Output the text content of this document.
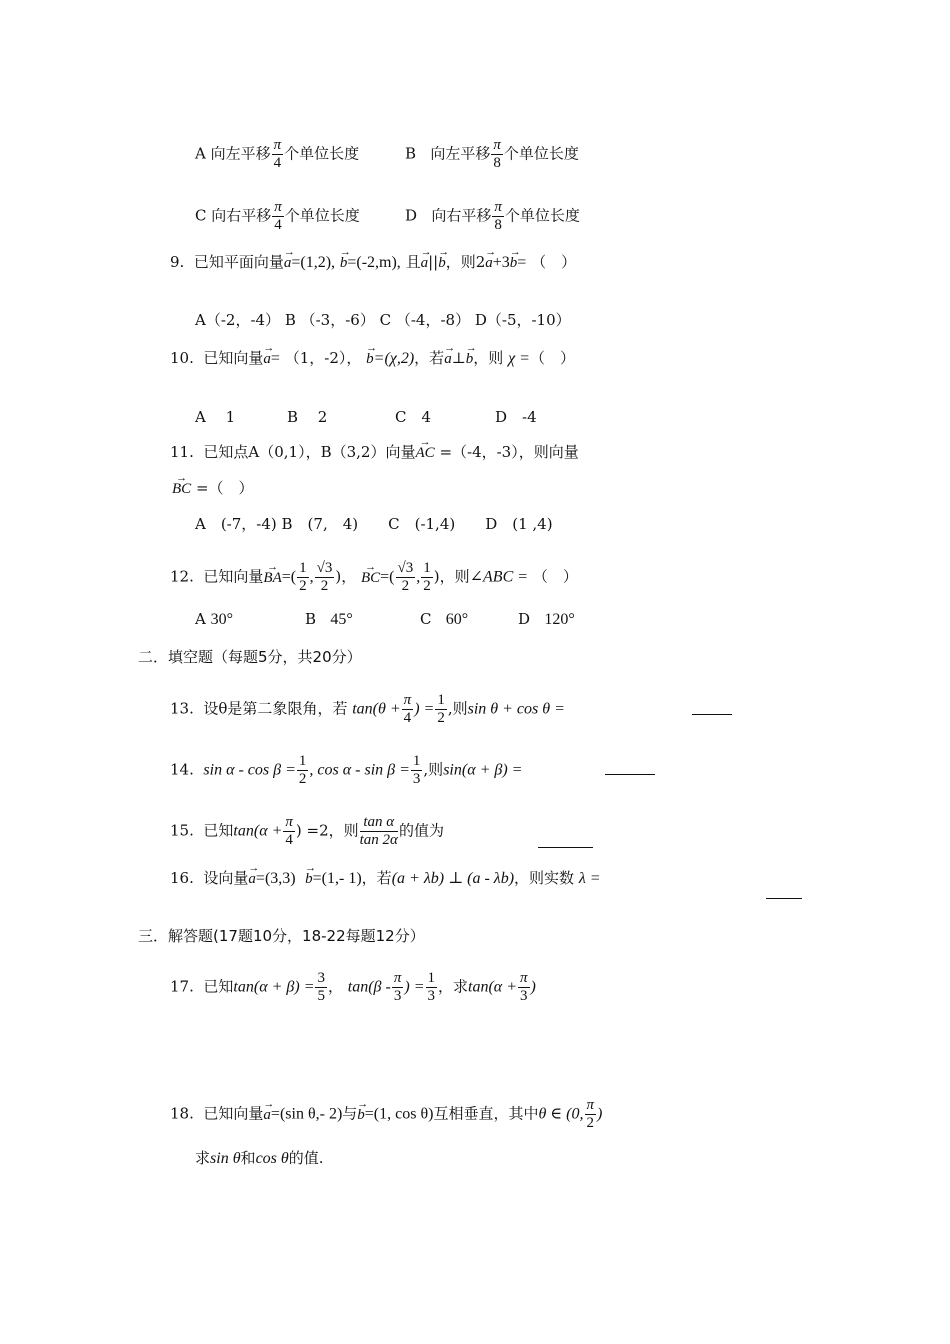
A 向左平移 $\frac{\pi}{4}$ 个单位长度	B 向左平移 $\frac{\pi}{8}$ 个单位长度
C 向右平移 $\frac{\pi}{4}$ 个单位长度	D 向右平移 $\frac{\pi}{8}$ 个单位长度
9. 已知平面向量→ a=(1,2), → b=(-2,m), 且→ a||→ b，则2→ a+3→ b= （　）
A（-2，-4） B （-3，-6） C （-4，-8） D（-5，-10）
10. 已知向量→ a= （1，-2）， → b=(χ,2)，若→ a⊥→ b，则 χ =（　）
A　 1	B　 2	C　4	D　-4
11. 已知点A（0,1），B（3,2）向量→ AC =（-4，-3），则向量
→ BC =（　）
A　(-7，-4) B　(7,　4)　　C　(-1,4)　　D　(1 ,4)
12. 已知向量→ $BA=( \frac{1}{2}$ , $\frac{√3}{2}$ )， → $BC=( \frac{√3}{2}$ , $\frac{1}{2}$ )，则∠ABC = （　）
A 30°	B 45°	C 60°	D 120°
二．填空题（每题5分，共20分）
13. 设θ是第二象限角，若 $\tan(\theta + \frac{\pi}{4}$ ) = $\frac{1}{2}$ ,则sin θ + cos θ =

14. $\sin \alpha - \cos \beta = \frac{1}{2}$ , $\cos \alpha - \sin \beta = \frac{1}{3}$ ,则sin(α + β) =

15. 已知$\tan(\alpha + \frac{\pi}{4}$ ) =2，则 $\frac{\text{tan α}}{\tan 2\alpha}$ 的值为

16. 设向量→ a=(3,3) → b=(1,- 1)，若(a + λb) ⊥ (a - λb)，则实数 λ =

三．解答题(17题10分，18-22每题12分）
17. 已知$\tan(\alpha + \beta) = \frac{3}{5}$ ， $\tan(\beta - \frac{\pi}{3}$ ) = $\frac{1}{3}$ ，求$\tan(\alpha + \frac{\pi}{3}$ )
18. 已知向量→ a=(sin θ,- 2)与→ b=(1, cos θ)互相垂直，其中θ ∈ (0, $\frac{\pi}{2}$ )
求sin θ和cos θ的值.
